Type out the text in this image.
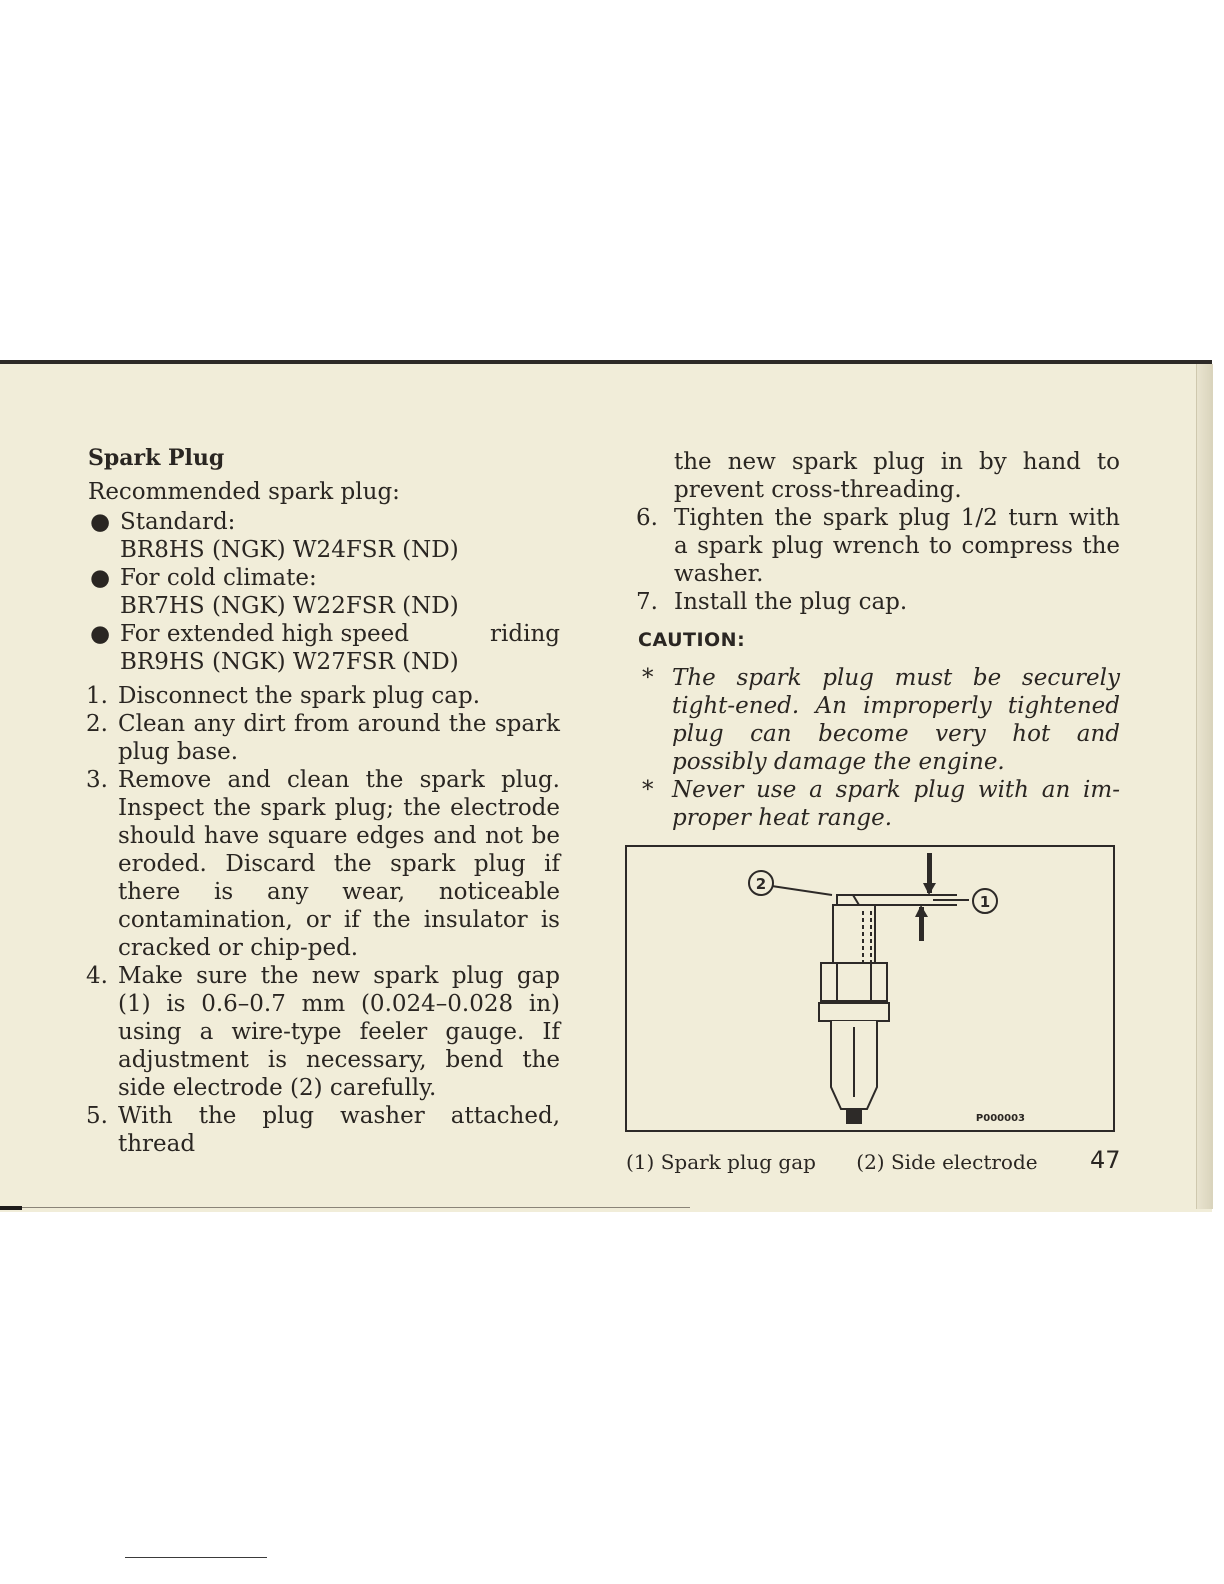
Spark Plug

Recommended spark plug:

● Standard:
BR8HS (NGK) W24FSR (ND)
● For cold climate:
BR7HS (NGK) W22FSR (ND)
● For extended high speed	riding
BR9HS (NGK) W27FSR (ND)
1. Disconnect the spark plug cap.
2. Clean any dirt from around the spark plug base.
3. Remove and clean the spark plug. Inspect the spark plug; the electrode should have square edges and not be eroded. Discard the spark plug if there is any wear, noticeable contamination, or if the insulator is cracked or chip-ped.
4. Make sure the new spark plug gap (1) is 0.6–0.7 mm (0.024–0.028 in) using a wire-type feeler gauge. If adjustment is necessary, bend the side electrode (2) carefully.
5. With the plug washer attached, thread

the new spark plug in by hand to prevent cross-threading.

6. Tighten the spark plug 1/2 turn with a spark plug wrench to compress the washer.
7. Install the plug cap.
CAUTION:
* The spark plug must be securely tight-ened. An improperly tightened plug can become very hot and possibly damage the engine.
* Never use a spark plug with an im-proper heat range.
2
1
P000003
(1) Spark plug gap (2) Side electrode	47
